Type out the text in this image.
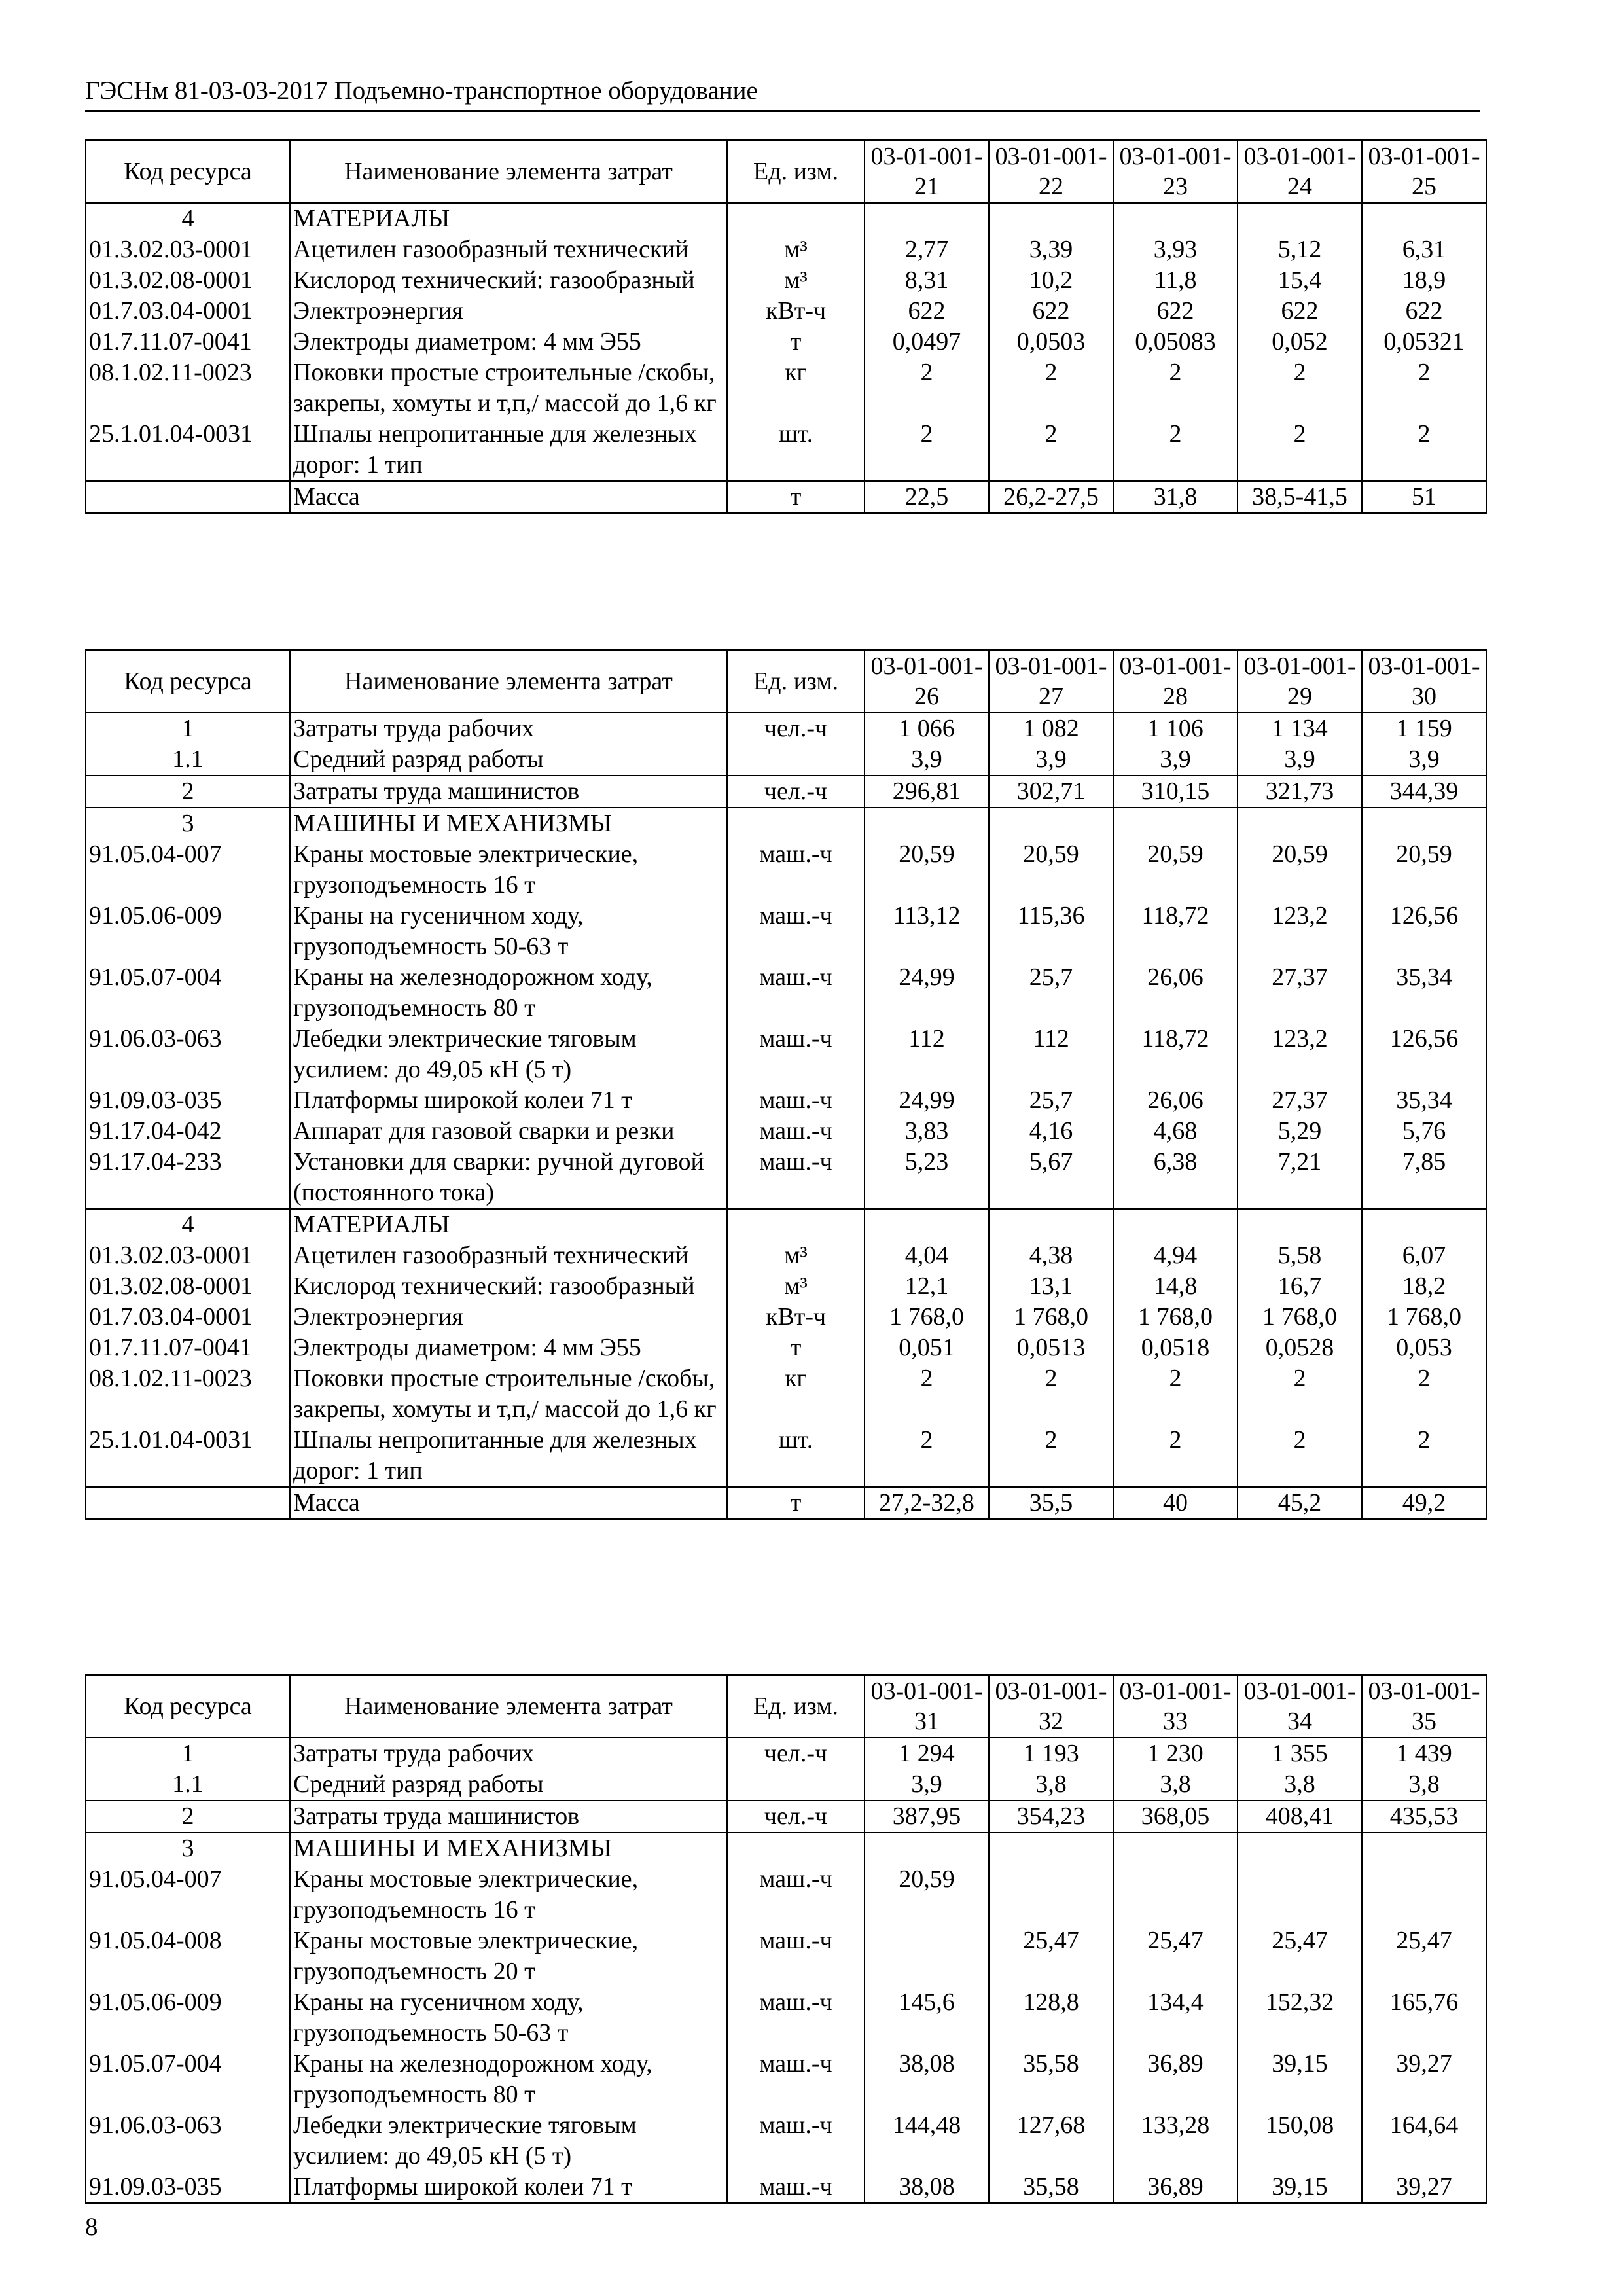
ГЭСНм 81-03-03-2017 Подъемно-транспортное оборудование
Код ресурса	Наименование элемента затрат	Ед. изм.	03-01-001-21	03-01-001-22	03-01-001-23	03-01-001-24	03-01-001-25
4	МАТЕРИАЛЫ						
01.3.02.03-0001	Ацетилен газообразный технический	м³	2,77	3,39	3,93	5,12	6,31
01.3.02.08-0001	Кислород технический: газообразный	м³	8,31	10,2	11,8	15,4	18,9
01.7.03.04-0001	Электроэнергия	кВт-ч	622	622	622	622	622
01.7.11.07-0041	Электроды диаметром: 4 мм Э55	т	0,0497	0,0503	0,05083	0,052	0,05321
08.1.02.11-0023	Поковки простые строительные /скобы, закрепы, хомуты и т,п,/ массой до 1,6 кг	кг	2	2	2	2	2
25.1.01.04-0031	Шпалы непропитанные для железных дорог: 1 тип	шт.	2	2	2	2	2
	Масса	т	22,5	26,2-27,5	31,8	38,5-41,5	51
Код ресурса	Наименование элемента затрат	Ед. изм.	03-01-001-26	03-01-001-27	03-01-001-28	03-01-001-29	03-01-001-30
1	Затраты труда рабочих	чел.-ч	1 066	1 082	1 106	1 134	1 159
1.1	Средний разряд работы		3,9	3,9	3,9	3,9	3,9
2	Затраты труда машинистов	чел.-ч	296,81	302,71	310,15	321,73	344,39
3	МАШИНЫ И МЕХАНИЗМЫ						
91.05.04-007	Краны мостовые электрические, грузоподъемность 16 т	маш.-ч	20,59	20,59	20,59	20,59	20,59
91.05.06-009	Краны на гусеничном ходу, грузоподъемность 50-63 т	маш.-ч	113,12	115,36	118,72	123,2	126,56
91.05.07-004	Краны на железнодорожном ходу, грузоподъемность 80 т	маш.-ч	24,99	25,7	26,06	27,37	35,34
91.06.03-063	Лебедки электрические тяговым усилием: до 49,05 кН (5 т)	маш.-ч	112	112	118,72	123,2	126,56
91.09.03-035	Платформы широкой колеи 71 т	маш.-ч	24,99	25,7	26,06	27,37	35,34
91.17.04-042	Аппарат для газовой сварки и резки	маш.-ч	3,83	4,16	4,68	5,29	5,76
91.17.04-233	Установки для сварки: ручной дуговой (постоянного тока)	маш.-ч	5,23	5,67	6,38	7,21	7,85
4	МАТЕРИАЛЫ						
01.3.02.03-0001	Ацетилен газообразный технический	м³	4,04	4,38	4,94	5,58	6,07
01.3.02.08-0001	Кислород технический: газообразный	м³	12,1	13,1	14,8	16,7	18,2
01.7.03.04-0001	Электроэнергия	кВт-ч	1 768,0	1 768,0	1 768,0	1 768,0	1 768,0
01.7.11.07-0041	Электроды диаметром: 4 мм Э55	т	0,051	0,0513	0,0518	0,0528	0,053
08.1.02.11-0023	Поковки простые строительные /скобы, закрепы, хомуты и т,п,/ массой до 1,6 кг	кг	2	2	2	2	2
25.1.01.04-0031	Шпалы непропитанные для железных дорог: 1 тип	шт.	2	2	2	2	2
	Масса	т	27,2-32,8	35,5	40	45,2	49,2
Код ресурса	Наименование элемента затрат	Ед. изм.	03-01-001-31	03-01-001-32	03-01-001-33	03-01-001-34	03-01-001-35
1	Затраты труда рабочих	чел.-ч	1 294	1 193	1 230	1 355	1 439
1.1	Средний разряд работы		3,9	3,8	3,8	3,8	3,8
2	Затраты труда машинистов	чел.-ч	387,95	354,23	368,05	408,41	435,53
3	МАШИНЫ И МЕХАНИЗМЫ						
91.05.04-007	Краны мостовые электрические, грузоподъемность 16 т	маш.-ч	20,59				
91.05.04-008	Краны мостовые электрические, грузоподъемность 20 т	маш.-ч		25,47	25,47	25,47	25,47
91.05.06-009	Краны на гусеничном ходу, грузоподъемность 50-63 т	маш.-ч	145,6	128,8	134,4	152,32	165,76
91.05.07-004	Краны на железнодорожном ходу, грузоподъемность 80 т	маш.-ч	38,08	35,58	36,89	39,15	39,27
91.06.03-063	Лебедки электрические тяговым усилием: до 49,05 кН (5 т)	маш.-ч	144,48	127,68	133,28	150,08	164,64
91.09.03-035	Платформы широкой колеи 71 т	маш.-ч	38,08	35,58	36,89	39,15	39,27
8
